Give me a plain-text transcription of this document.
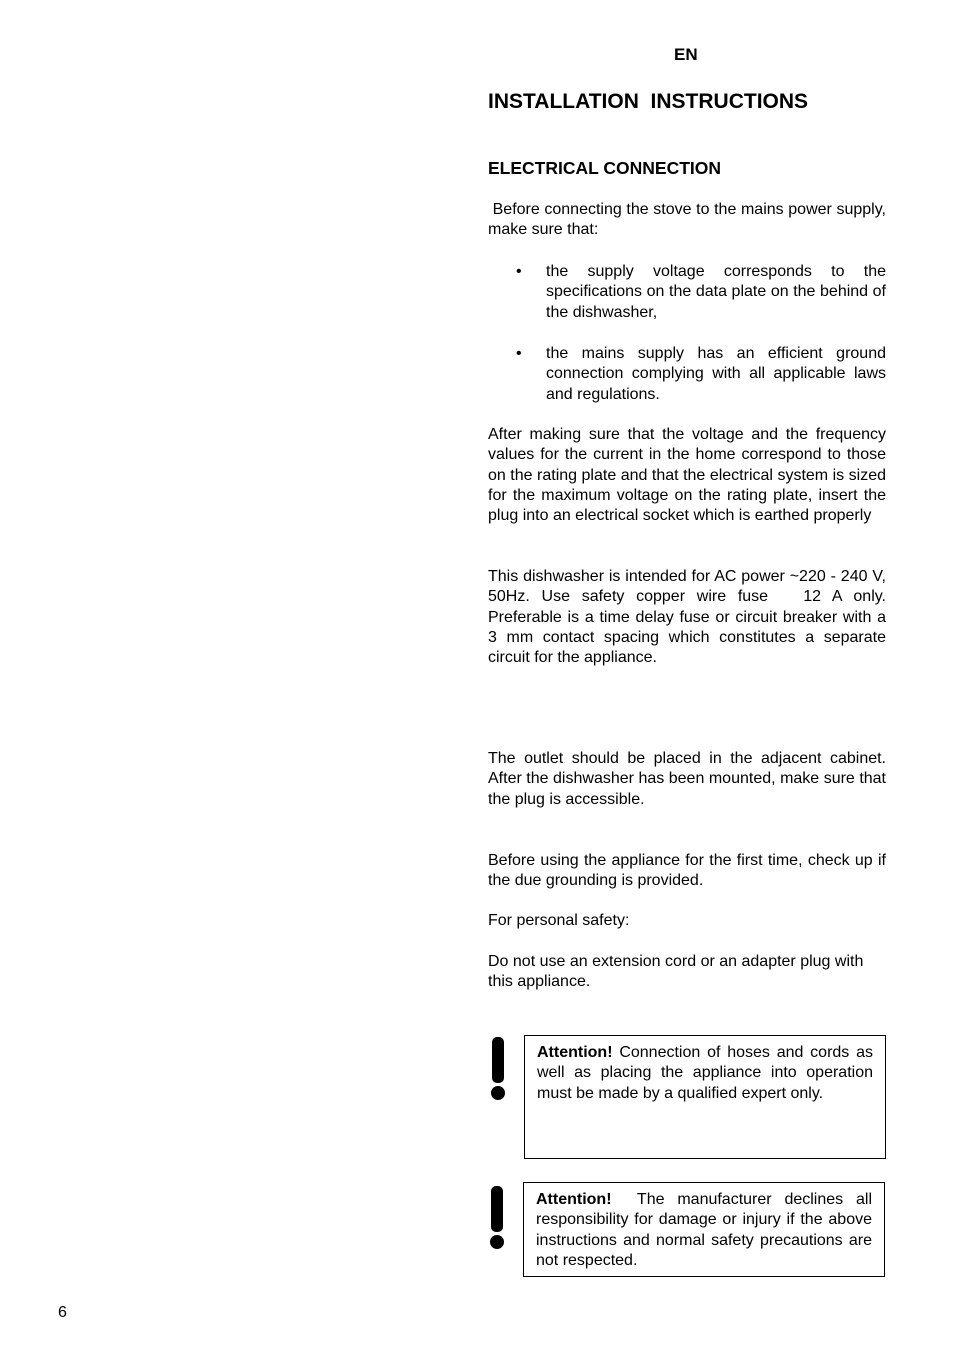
EN
INSTALLATION  INSTRUCTIONS
ELECTRICAL CONNECTION

Before connecting the stove to the mains power supply, make sure that:

• the supply voltage corresponds to the specifications on the data plate on the behind of the dishwasher,
• the mains supply has an efficient ground connection complying with all applicable laws and regulations.

After making sure that the voltage and the frequency values for the current in the home correspond to those on the rating plate and that the electrical system is sized for the maximum voltage on the rating plate, insert the plug into an electrical socket which is earthed properly

This dishwasher is intended for AC power ~220 - 240 V, 50Hz. Use safety copper wire fuse   12 A only. Preferable is a time delay fuse or circuit breaker with a 3 mm contact spacing which constitutes a separate circuit for the appliance.

The outlet should be placed in the adjacent cabinet. After the dishwasher has been mounted, make sure that the plug is accessible.

Before using the appliance for the first time, check up if the due grounding is provided.

For personal safety:

Do not use an extension cord or an adapter plug with this appliance.

Attention! Connection of hoses and cords as well as placing the appliance into operation must be made by a qualified expert only.
Attention!  The manufacturer declines all responsibility for damage or injury if the above instructions and normal safety precautions are not respected.
6
